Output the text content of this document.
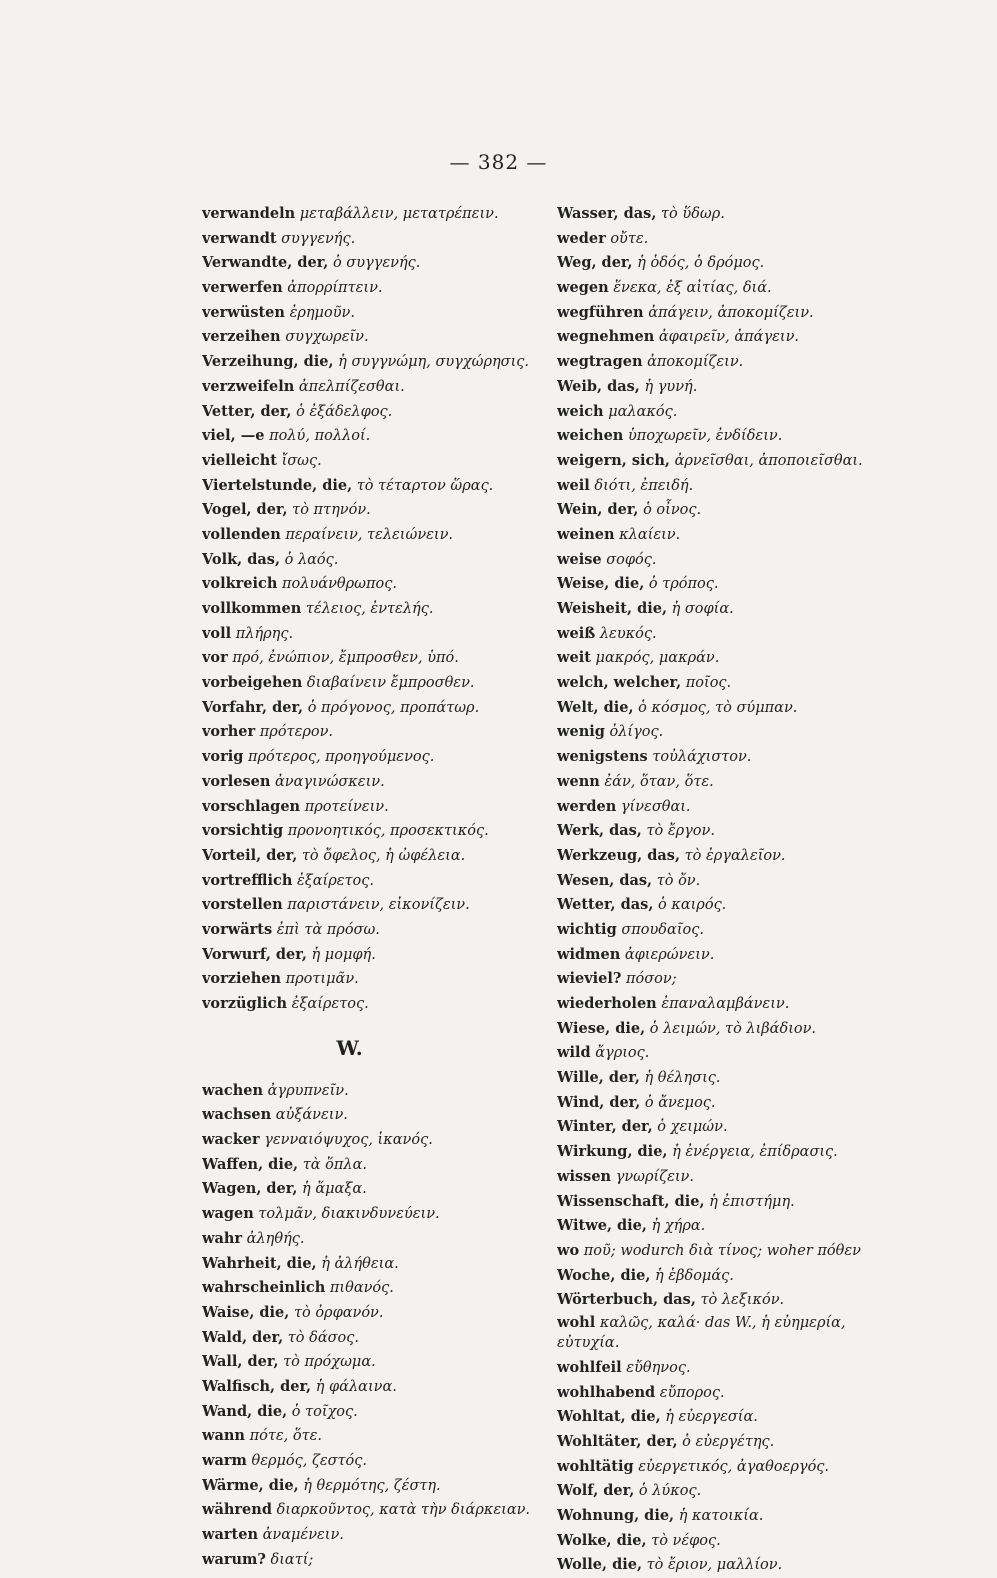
— 382 —
verwandeln μεταβάλλειν, μετατρέπειν.
verwandt συγγενής.
Verwandte, der, ὁ συγγενής.
verwerfen ἀπορρίπτειν.
verwüsten ἐρημοῦν.
verzeihen συγχωρεῖν.
Verzeihung, die, ἡ συγγνώμη, συγχώρησις.
verzweifeln ἀπελπίζεσθαι.
Vetter, der, ὁ ἐξάδελφος.
viel, —e πολύ, πολλοί.
vielleicht ἴσως.
Viertelstunde, die, τὸ τέταρτον ὥρας.
Vogel, der, τὸ πτηνόν.
vollenden περαίνειν, τελειώνειν.
Volk, das, ὁ λαός.
volkreich πολυάνθρωπος.
vollkommen τέλειος, ἐντελής.
voll πλήρης.
vor πρό, ἐνώπιον, ἔμπροσθεν, ὑπό.
vorbeigehen διαβαίνειν ἔμπροσθεν.
Vorfahr, der, ὁ πρόγονος, προπάτωρ.
vorher πρότερον.
vorig πρότερος, προηγούμενος.
vorlesen ἀναγινώσκειν.
vorschlagen προτείνειν.
vorsichtig προνοητικός, προσεκτικός.
Vorteil, der, τὸ ὄφελος, ἡ ὠφέλεια.
vortrefflich ἐξαίρετος.
vorstellen παριστάνειν, εἰκονίζειν.
vorwärts ἐπὶ τὰ πρόσω.
Vorwurf, der, ἡ μομφή.
vorziehen προτιμᾶν.
vorzüglich ἐξαίρετος.
W.
wachen ἀγρυπνεῖν.
wachsen αὐξάνειν.
wacker γενναιόψυχος, ἱκανός.
Waffen, die, τὰ ὅπλα.
Wagen, der, ἡ ἅμαξα.
wagen τολμᾶν, διακινδυνεύειν.
wahr ἀληθής.
Wahrheit, die, ἡ ἀλήθεια.
wahrscheinlich πιθανός.
Waise, die, τὸ ὀρφανόν.
Wald, der, τὸ δάσος.
Wall, der, τὸ πρόχωμα.
Walfisch, der, ἡ φάλαινα.
Wand, die, ὁ τοῖχος.
wann πότε, ὅτε.
warm θερμός, ζεστός.
Wärme, die, ἡ θερμότης, ζέστη.
während διαρκοῦντος, κατὰ τὴν διάρκειαν.
warten ἀναμένειν.
warum? διατί;
Wasser, das, τὸ ὕδωρ.
weder οὔτε.
Weg, der, ἡ ὁδός, ὁ δρόμος.
wegen ἕνεκα, ἐξ αἰτίας, διά.
wegführen ἀπάγειν, ἀποκομίζειν.
wegnehmen ἀφαιρεῖν, ἀπάγειν.
wegtragen ἀποκομίζειν.
Weib, das, ἡ γυνή.
weich μαλακός.
weichen ὑποχωρεῖν, ἐνδίδειν.
weigern, sich, ἀρνεῖσθαι, ἀποποιεῖσθαι.
weil διότι, ἐπειδή.
Wein, der, ὁ οἶνος.
weinen κλαίειν.
weise σοφός.
Weise, die, ὁ τρόπος.
Weisheit, die, ἡ σοφία.
weiß λευκός.
weit μακρός, μακράν.
welch, welcher, ποῖος.
Welt, die, ὁ κόσμος, τὸ σύμπαν.
wenig ὀλίγος.
wenigstens τοὐλάχιστον.
wenn ἐάν, ὅταν, ὅτε.
werden γίνεσθαι.
Werk, das, τὸ ἔργον.
Werkzeug, das, τὸ ἐργαλεῖον.
Wesen, das, τὸ ὄν.
Wetter, das, ὁ καιρός.
wichtig σπουδαῖος.
widmen ἀφιερώνειν.
wieviel? πόσον;
wiederholen ἐπαναλαμβάνειν.
Wiese, die, ὁ λειμών, τὸ λιβάδιον.
wild ἄγριος.
Wille, der, ἡ θέλησις.
Wind, der, ὁ ἄνεμος.
Winter, der, ὁ χειμών.
Wirkung, die, ἡ ἐνέργεια, ἐπίδρασις.
wissen γνωρίζειν.
Wissenschaft, die, ἡ ἐπιστήμη.
Witwe, die, ἡ χήρα.
wo ποῦ; wodurch διὰ τίνος; woher πόθεν
Woche, die, ἡ ἑβδομάς.
Wörterbuch, das, τὸ λεξικόν.
wohl καλῶς, καλά· das W., ἡ εὐημερία, εὐτυχία.
wohlfeil εὔθηνος.
wohlhabend εὔπορος.
Wohltat, die, ἡ εὐεργεσία.
Wohltäter, der, ὁ εὐεργέτης.
wohltätig εὐεργετικός, ἀγαθοεργός.
Wolf, der, ὁ λύκος.
Wohnung, die, ἡ κατοικία.
Wolke, die, τὸ νέφος.
Wolle, die, τὸ ἔριον, μαλλίον.
